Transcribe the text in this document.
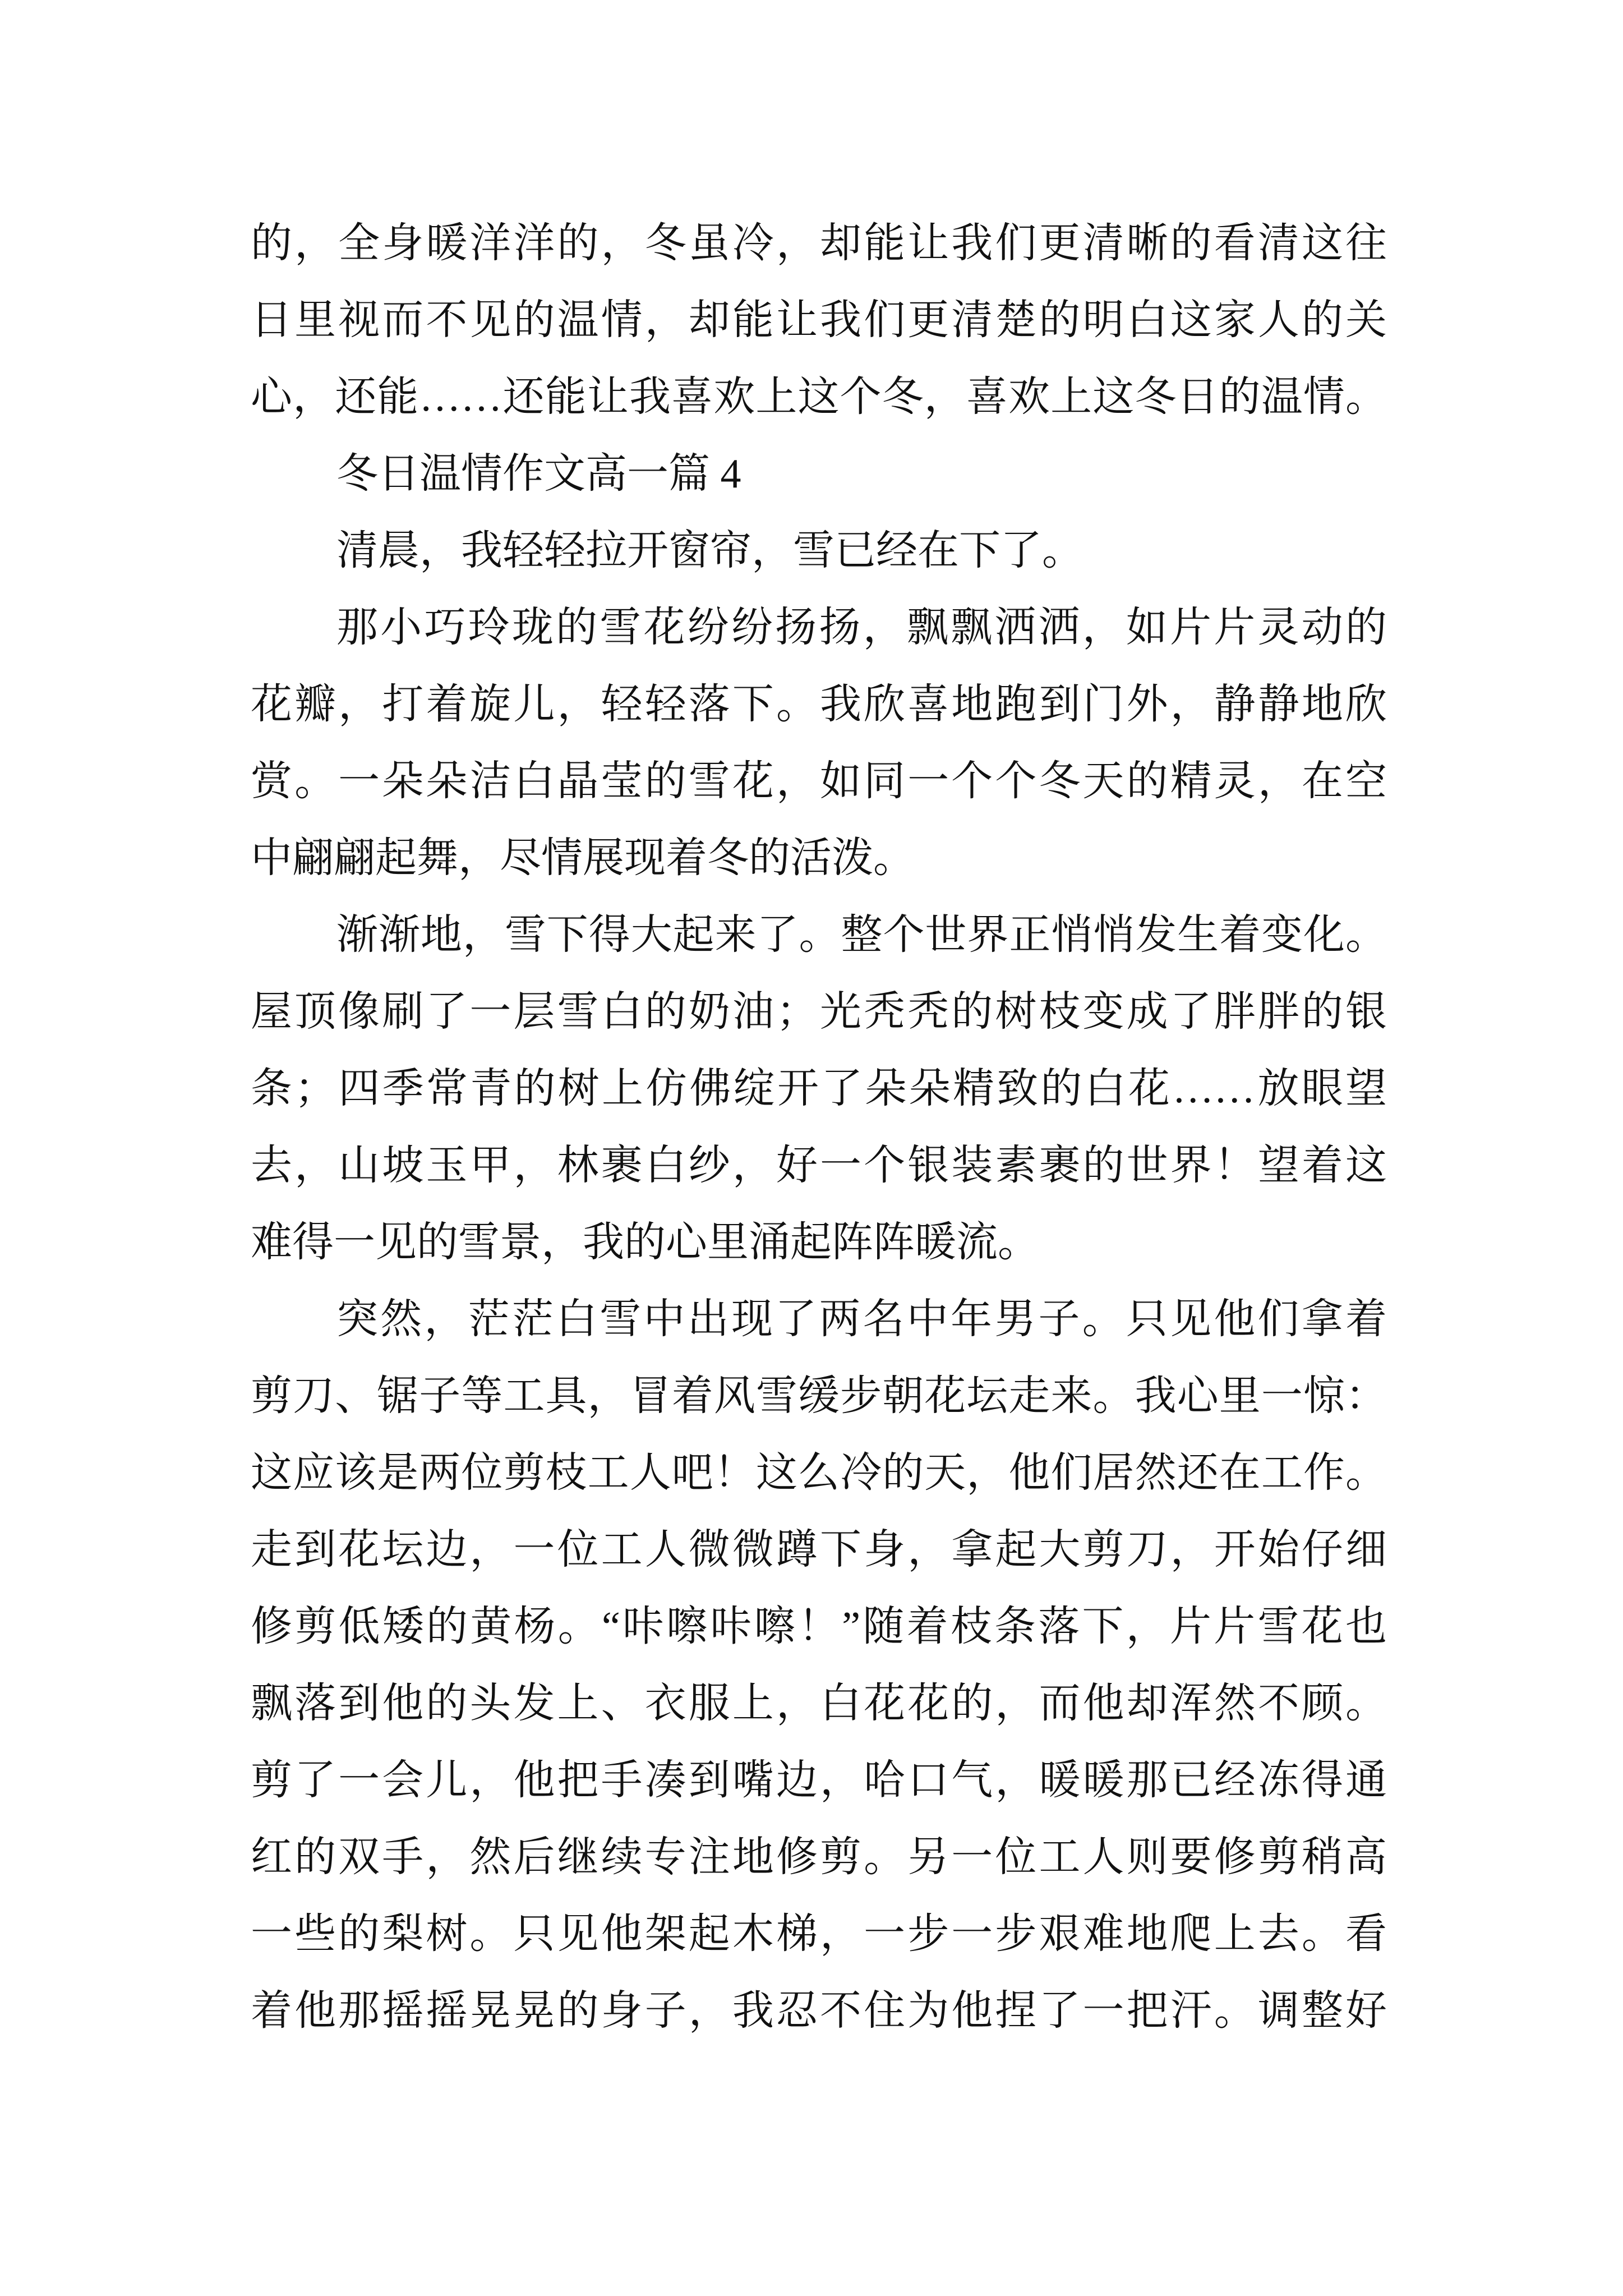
的，全身暖洋洋的，冬虽冷，却能让我们更清晰的看清这往
日里视而不见的温情，却能让我们更清楚的明白这家人的关
心，还能……还能让我喜欢上这个冬，喜欢上这冬日的温情。
冬日温情作文高一篇 4
清晨，我轻轻拉开窗帘，雪已经在下了。
那小巧玲珑的雪花纷纷扬扬，飘飘洒洒，如片片灵动的
花瓣，打着旋儿，轻轻落下。我欣喜地跑到门外，静静地欣
赏。一朵朵洁白晶莹的雪花，如同一个个冬天的精灵，在空
中翩翩起舞，尽情展现着冬的活泼。
渐渐地，雪下得大起来了。整个世界正悄悄发生着变化。
屋顶像刷了一层雪白的奶油；光秃秃的树枝变成了胖胖的银
条；四季常青的树上仿佛绽开了朵朵精致的白花……放眼望
去，山坡玉甲，林裹白纱，好一个银装素裹的世界！望着这
难得一见的雪景，我的心里涌起阵阵暖流。
突然，茫茫白雪中出现了两名中年男子。只见他们拿着
剪刀、锯子等工具，冒着风雪缓步朝花坛走来。我心里一惊：
这应该是两位剪枝工人吧！这么冷的天，他们居然还在工作。
走到花坛边，一位工人微微蹲下身，拿起大剪刀，开始仔细
修剪低矮的黄杨。“咔嚓咔嚓！”随着枝条落下，片片雪花也
飘落到他的头发上、衣服上，白花花的，而他却浑然不顾。
剪了一会儿，他把手凑到嘴边，哈口气，暖暖那已经冻得通
红的双手，然后继续专注地修剪。另一位工人则要修剪稍高
一些的梨树。只见他架起木梯，一步一步艰难地爬上去。看
着他那摇摇晃晃的身子，我忍不住为他捏了一把汗。调整好
